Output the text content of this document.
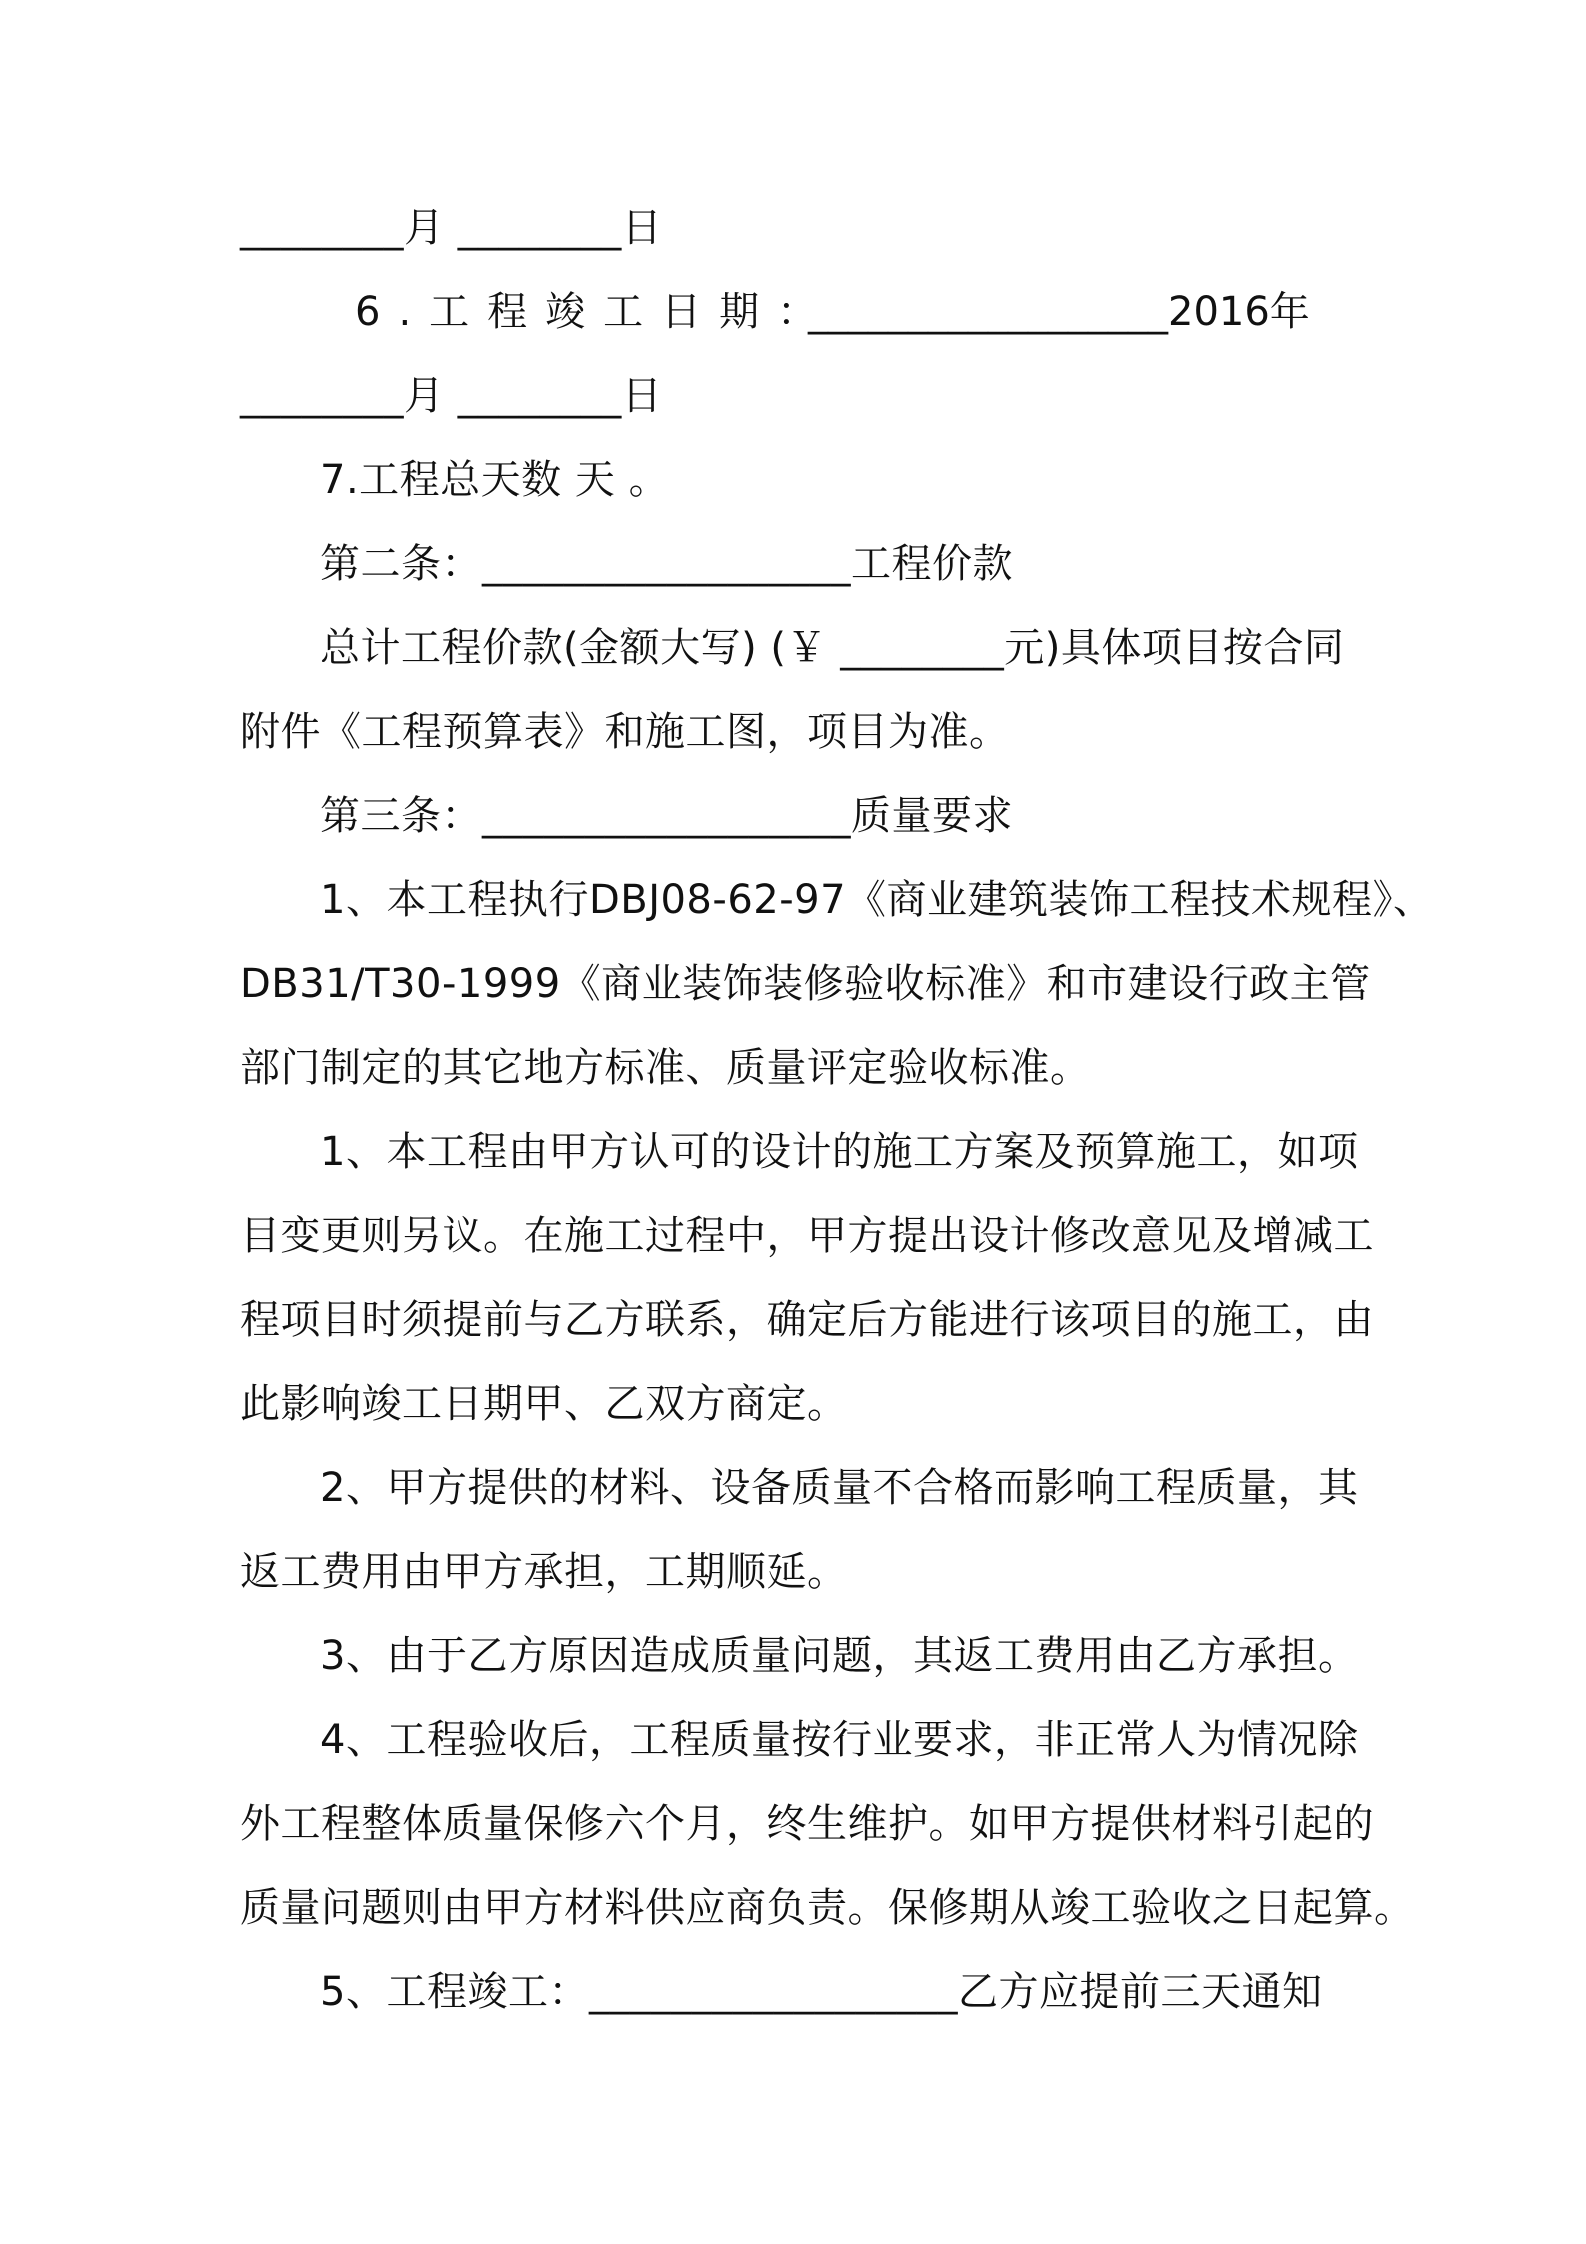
________月 ________日
6.工程竣工日期：
__________________2016年
________月 ________日
7.工程总天数 天 。
第二条：__________________工程价款
总计工程价款(金额大写) (￥ ________元)具体项目按合同
附件《工程预算表》和施工图，项目为准。
第三条：__________________质量要求
1、本工程执行DBJ08-62-97《商业建筑装饰工程技术规程》、
DB31/T30-1999《商业装饰装修验收标准》和市建设行政主管
部门制定的其它地方标准、质量评定验收标准。
1、本工程由甲方认可的设计的施工方案及预算施工，如项
目变更则另议。在施工过程中，甲方提出设计修改意见及增减工
程项目时须提前与乙方联系，确定后方能进行该项目的施工，由
此影响竣工日期甲、乙双方商定。
2、甲方提供的材料、设备质量不合格而影响工程质量，其
返工费用由甲方承担，工期顺延。
3、由于乙方原因造成质量问题，其返工费用由乙方承担。
4、工程验收后，工程质量按行业要求，非正常人为情况除
外工程整体质量保修六个月，终生维护。如甲方提供材料引起的
质量问题则由甲方材料供应商负责。保修期从竣工验收之日起算。
5、工程竣工：__________________乙方应提前三天通知
